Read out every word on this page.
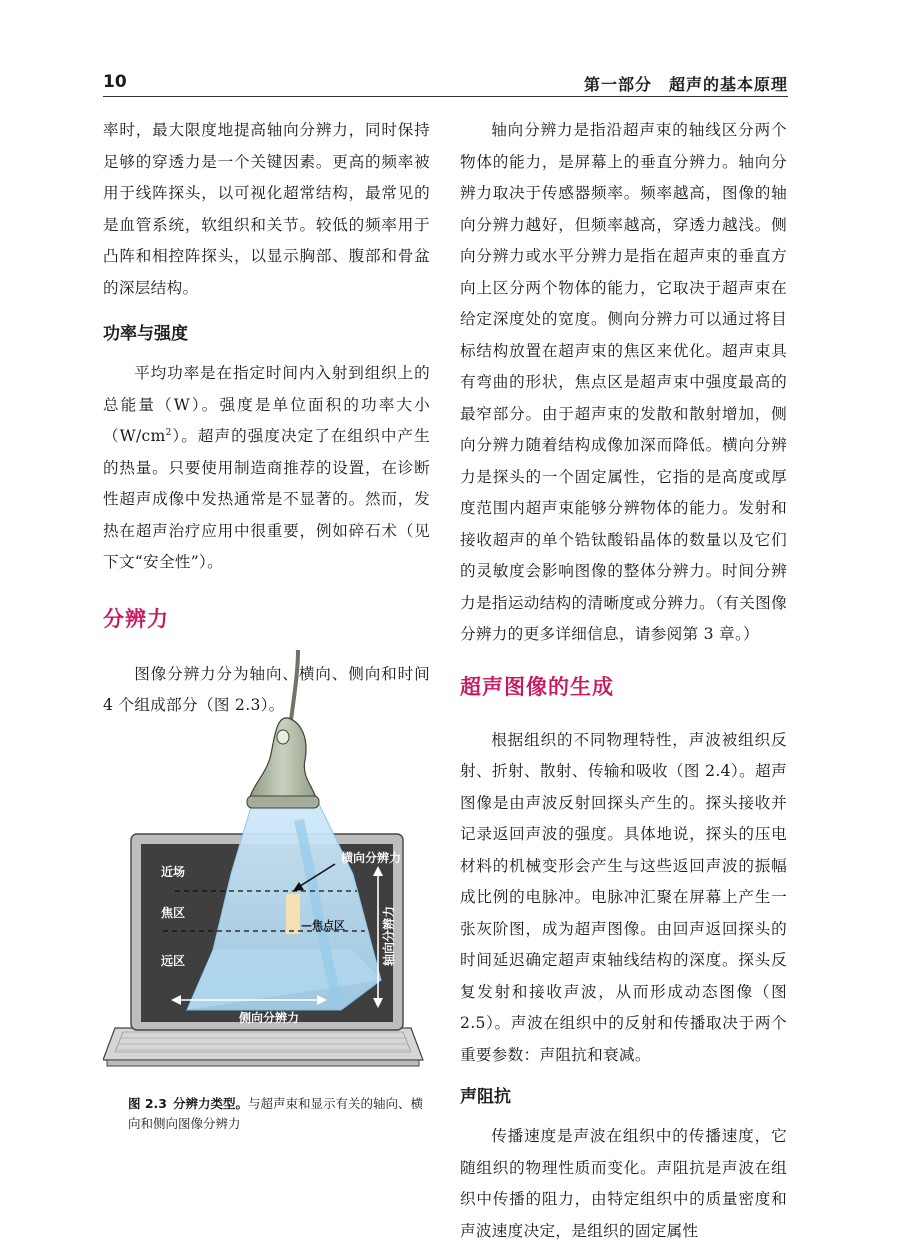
10	第一部分　超声的基本原理

率时，最大限度地提高轴向分辨力，同时保持足够的穿透力是一个关键因素。更高的频率被用于线阵探头，以可视化超常结构，最常见的是血管系统，软组织和关节。较低的频率用于凸阵和相控阵探头，以显示胸部、腹部和骨盆的深层结构。

功率与强度

平均功率是在指定时间内入射到组织上的总能量（W）。强度是单位面积的功率大小$(W/cm^2)$。超声的强度决定了在组织中产生的热量。只要使用制造商推荐的设置，在诊断性超声成像中发热通常是不显著的。然而，发热在超声治疗应用中很重要，例如碎石术（见下文“安全性”）。

分辨力

图像分辨力分为轴向、横向、侧向和时间 4 个组成部分（图 2.3）。

近场
焦区
远区
横向分辨力
—焦点区
侧向分辨力
轴向分辨力
图 2.3 分辨力类型。与超声束和显示有关的轴向、横向和侧向图像分辨力

轴向分辨力是指沿超声束的轴线区分两个物体的能力，是屏幕上的垂直分辨力。轴向分辨力取决于传感器频率。频率越高，图像的轴向分辨力越好，但频率越高，穿透力越浅。侧向分辨力或水平分辨力是指在超声束的垂直方向上区分两个物体的能力，它取决于超声束在给定深度处的宽度。侧向分辨力可以通过将目标结构放置在超声束的焦区来优化。超声束具有弯曲的形状，焦点区是超声束中强度最高的最窄部分。由于超声束的发散和散射增加，侧向分辨力随着结构成像加深而降低。横向分辨力是探头的一个固定属性，它指的是高度或厚度范围内超声束能够分辨物体的能力。发射和接收超声的单个锆钛酸铅晶体的数量以及它们的灵敏度会影响图像的整体分辨力。时间分辨力是指运动结构的清晰度或分辨力。（有关图像分辨力的更多详细信息，请参阅第 3 章。）

超声图像的生成

根据组织的不同物理特性，声波被组织反射、折射、散射、传输和吸收（图 2.4）。超声图像是由声波反射回探头产生的。探头接收并记录返回声波的强度。具体地说，探头的压电材料的机械变形会产生与这些返回声波的振幅成比例的电脉冲。电脉冲汇聚在屏幕上产生一张灰阶图，成为超声图像。由回声返回探头的时间延迟确定超声束轴线结构的深度。探头反复发射和接收声波，从而形成动态图像（图 2.5）。声波在组织中的反射和传播取决于两个重要参数：声阻抗和衰减。

声阻抗

传播速度是声波在组织中的传播速度，它随组织的物理性质而变化。声阻抗是声波在组织中传播的阻力，由特定组织中的质量密度和声波速度决定，是组织的固定属性
